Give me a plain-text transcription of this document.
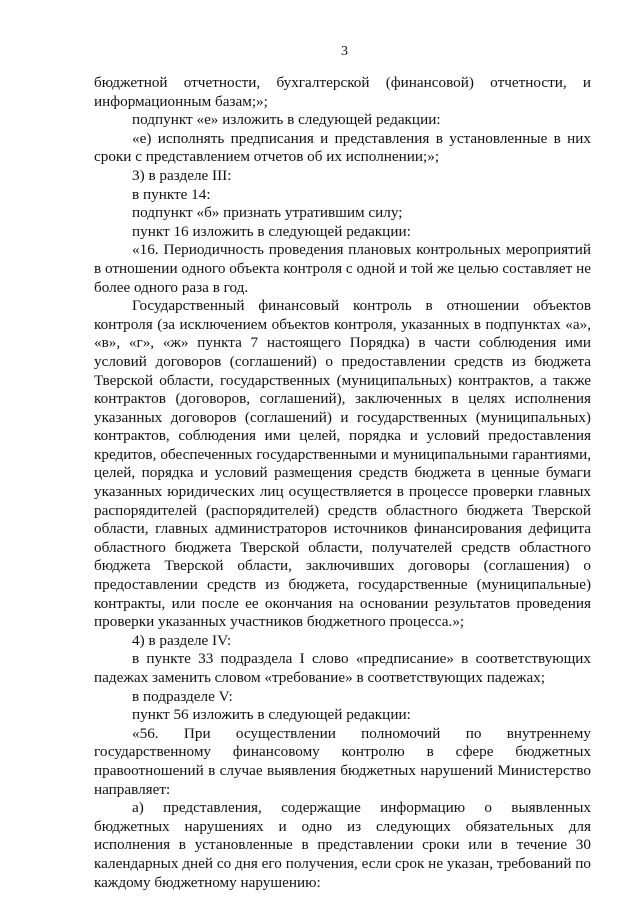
3

бюджетной отчетности, бухгалтерской (финансовой) отчетности, и информационным базам;»;

подпункт «е» изложить в следующей редакции:

«е) исполнять предписания и представления в установленные в них сроки с представлением отчетов об их исполнении;»;

3) в разделе III:

в пункте 14:

подпункт «б» признать утратившим силу;

пункт 16 изложить в следующей редакции:

«16. Периодичность проведения плановых контрольных мероприятий в отношении одного объекта контроля с одной и той же целью составляет не более одного раза в год.

Государственный финансовый контроль в отношении объектов контроля (за исключением объектов контроля, указанных в подпунктах «а», «в», «г», «ж» пункта 7 настоящего Порядка) в части соблюдения ими условий договоров (соглашений) о предоставлении средств из бюджета Тверской области, государственных (муниципальных) контрактов, а также контрактов (договоров, соглашений), заключенных в целях исполнения указанных договоров (соглашений) и государственных (муниципальных) контрактов, соблюдения ими целей, порядка и условий предоставления кредитов, обеспеченных государственными и муниципальными гарантиями, целей, порядка и условий размещения средств бюджета в ценные бумаги указанных юридических лиц осуществляется в процессе проверки главных распорядителей (распорядителей) средств областного бюджета Тверской области, главных администраторов источников финансирования дефицита областного бюджета Тверской области, получателей средств областного бюджета Тверской области, заключивших договоры (соглашения) о предоставлении средств из бюджета, государственные (муниципальные) контракты, или после ее окончания на основании результатов проведения проверки указанных участников бюджетного процесса.»;

4) в разделе IV:

в пункте 33 подраздела I слово «предписание» в соответствующих падежах заменить словом «требование» в соответствующих падежах;

в подразделе V:

пункт 56 изложить в следующей редакции:

«56. При осуществлении полномочий по внутреннему государственному финансовому контролю в сфере бюджетных правоотношений в случае выявления бюджетных нарушений Министерство направляет:

а) представления, содержащие информацию о выявленных бюджетных нарушениях и одно из следующих обязательных для исполнения в установленные в представлении сроки или в течение 30 календарных дней со дня его получения, если срок не указан, требований по каждому бюджетному нарушению:
